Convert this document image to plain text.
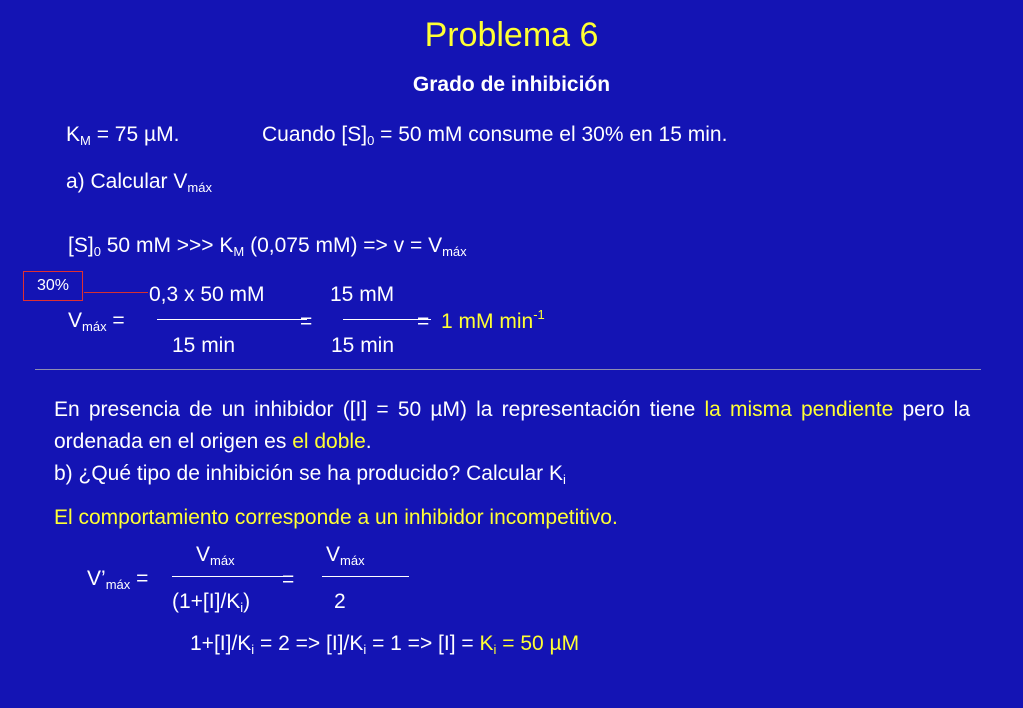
Problema 6
Grado de inhibición
$K_M = 75$ µM.	Cuando $[S]_0 = 50$ mM consume el 30% en 15 min.
a) Calcular $V_{máx}$
$[S]_0$ 50 mM >>> $K_M$ (0,075 $mM) => v = V_{máx}$
30%
$V_{máx}$ =
0,3 x 50 mM
15 min
=
15 mM
15 min
= 1 mM $\min^{-1}$
En presencia de un inhibidor ([I] = 50 µM) la representación tiene la misma pendiente pero la ordenada en el origen es el doble.
b) ¿Qué tipo de inhibición se ha producido? Calcular $K_i$
El comportamiento corresponde a un inhibidor incompetitivo.
$V’_{máx}$ =
$V_{máx}$
$(1+[I]/K_i)$
=
$V_{máx}$
2
$1+[I]/K_i = 2 => [I]/K_i = 1 => [I] = K_i = 50$ µM
